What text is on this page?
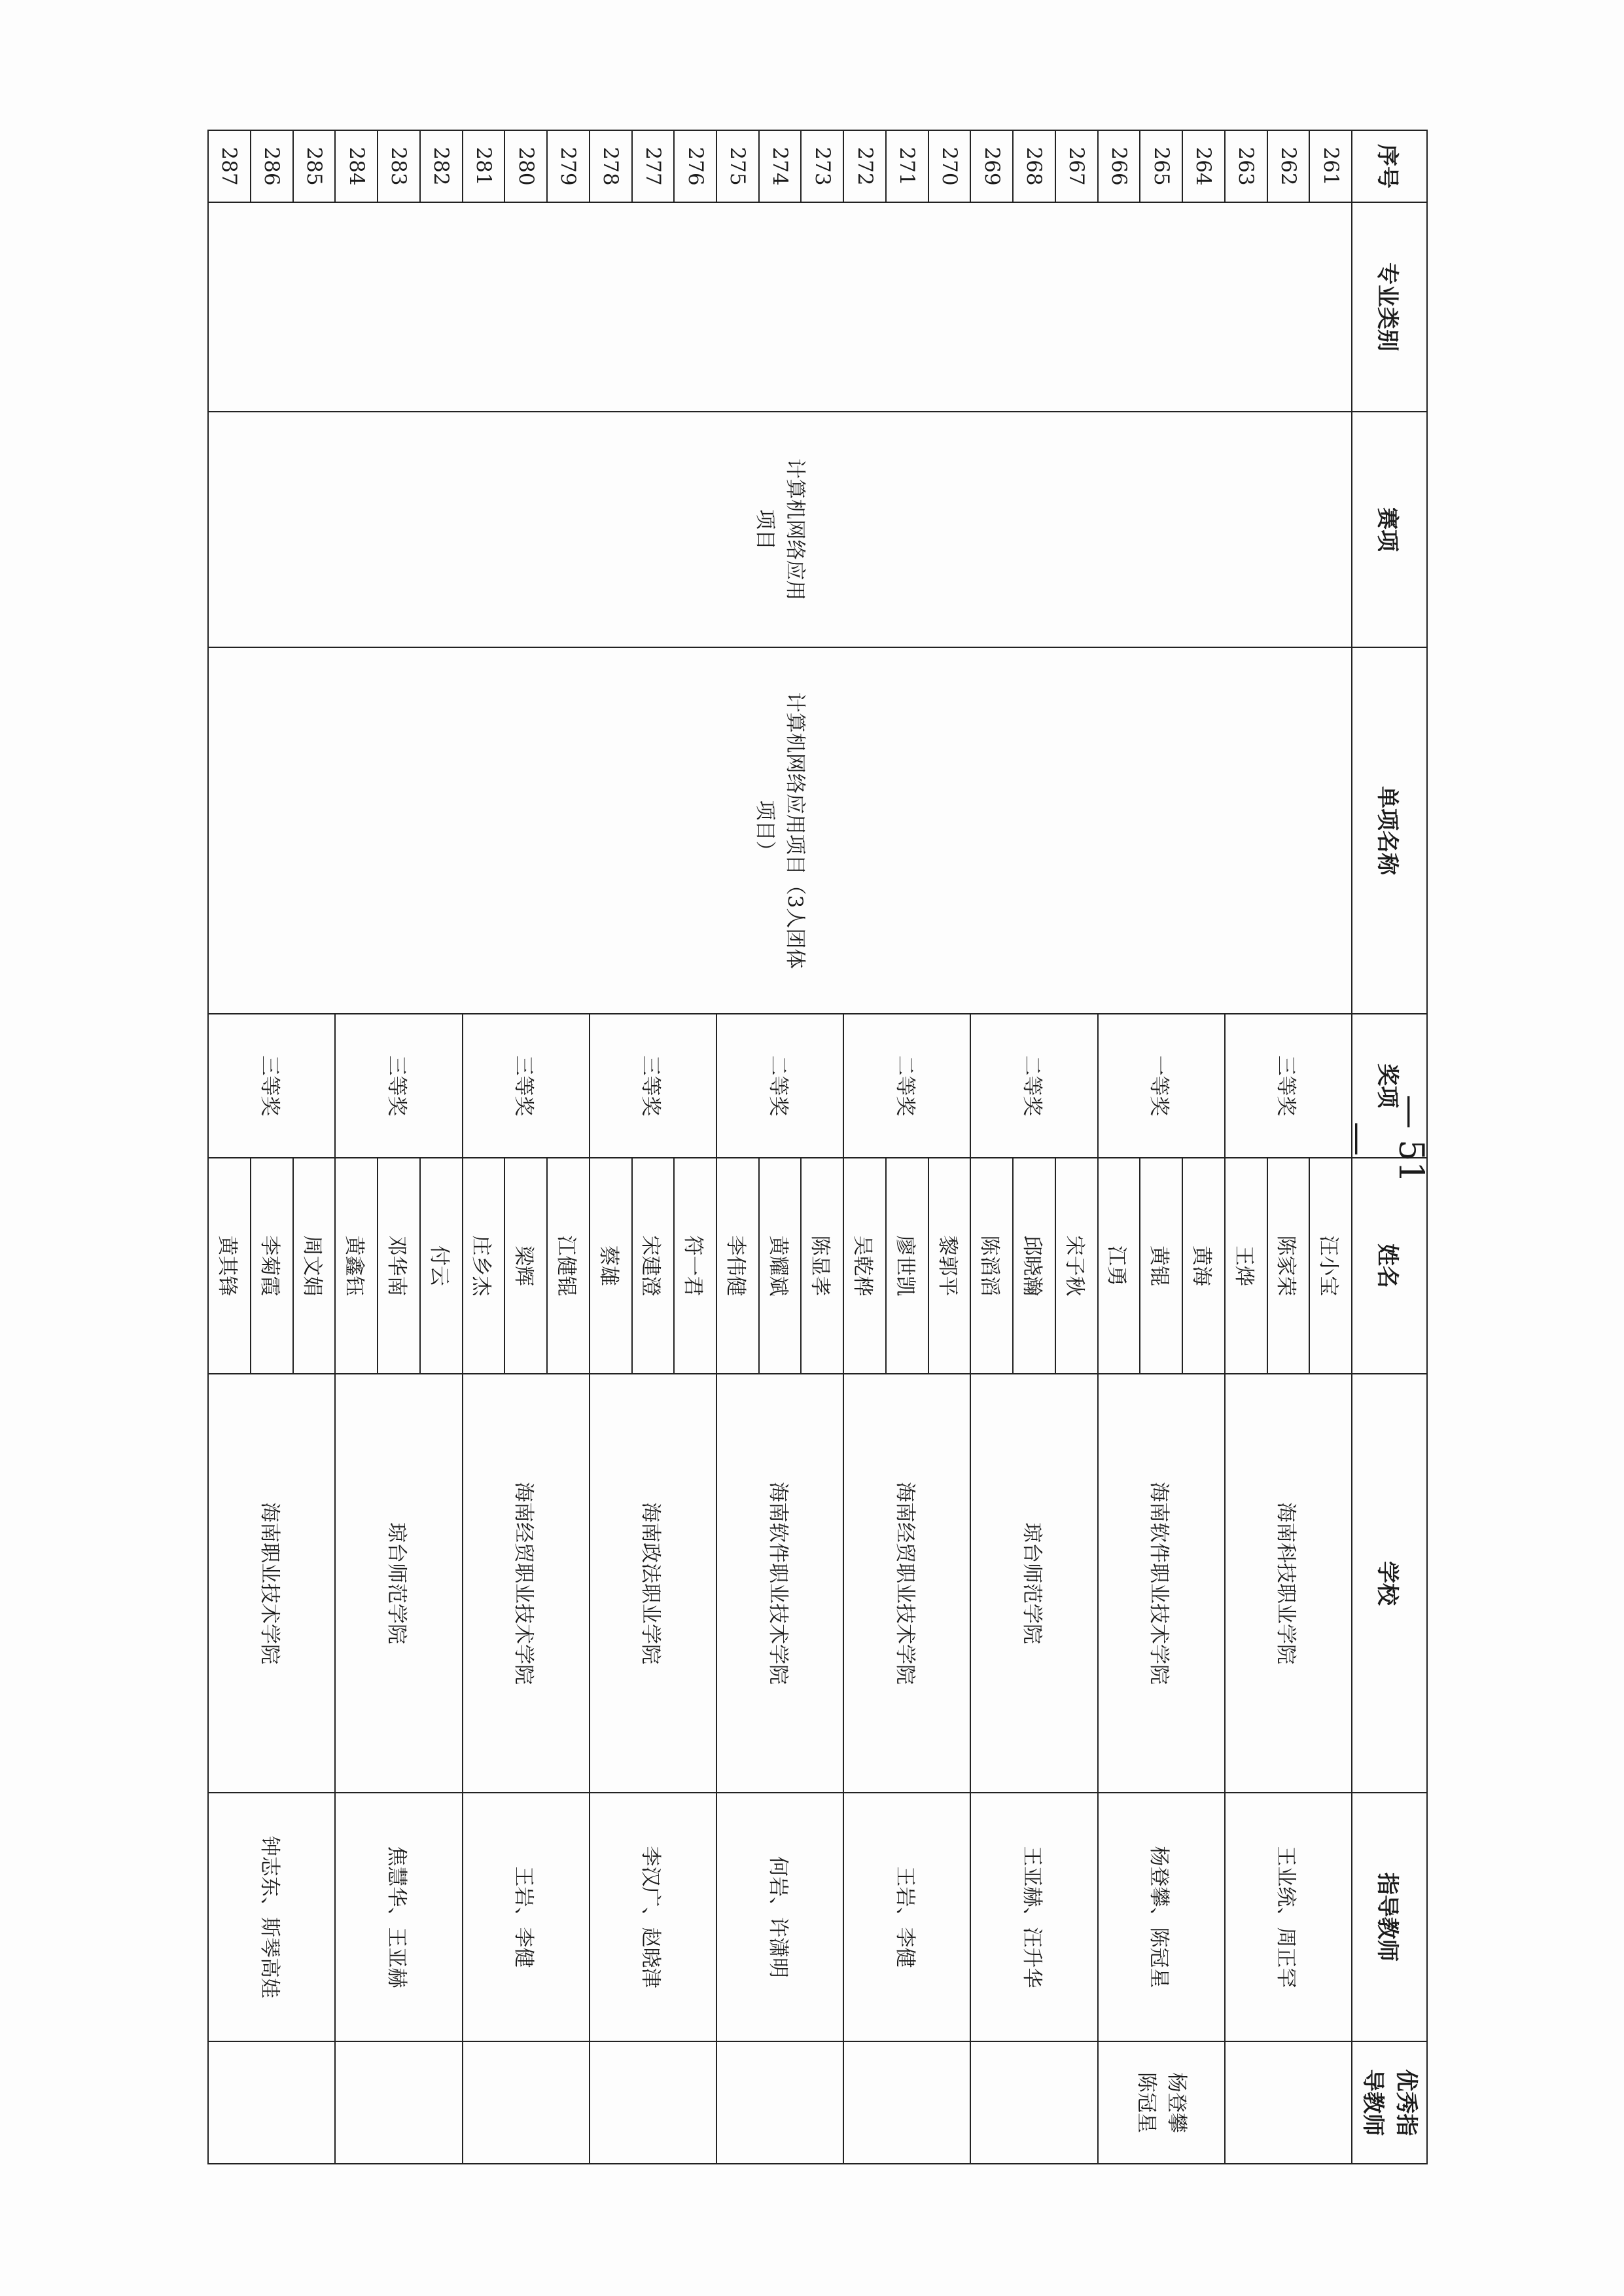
序号	专业类别	赛项	单项名称	奖项	姓名	学校	指导教师	优秀指
导教师
261		计算机网络应用
项目	计算机网络应用项目（3人团体
项目）	三等奖	汪小宝	海南科技职业学院	王业统、周正罕	
262					陈家荣			
263					王烨			
264				一等奖	黄海	海南软件职业技术学院	杨登攀、陈冠星	杨登攀
陈冠星
265					黄锟			
266					江勇			
267				二等奖	宋子秋	琼台师范学院	王亚赫、汪升华	
268					邱晓瀚			
269					陈滔滔			
270				二等奖	黎郭平	海南经贸职业技术学院	王岩、李健	
271					廖世凯			
272					吴乾桦			
273				二等奖	陈显孝	海南软件职业技术学院	何岩、许潇明	
274					黄耀斌			
275					李伟健			
276				三等奖	符一君	海南政法职业学院	李汉广、赵晓津	
277					宋建澄			
278					蔡雄			
279				三等奖	江健锟	海南经贸职业技术学院	王岩、李健	
280					梁辉			
281					庄乡杰			
282				三等奖	付云	琼台师范学院	焦慧华、王亚赫	
283					邓华南			
284					黄鑫钰			
285				三等奖	周文娟	海南职业技术学院	钟志东、斯琴高娃	
286					李菊霞			
287					黄其锋			
— 51 —
